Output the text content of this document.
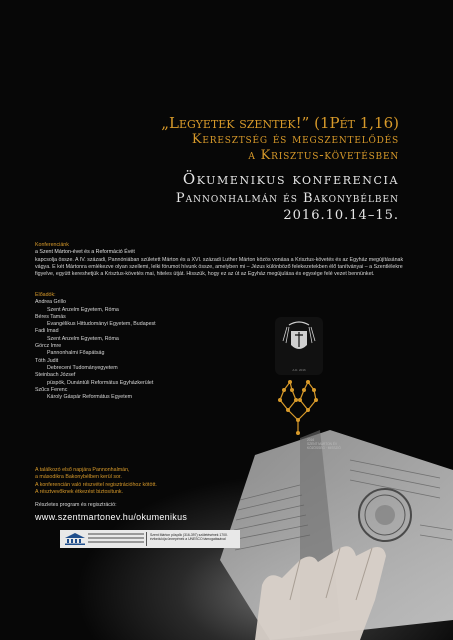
2016
SZENT MÁRTON ÉV
KÖZÖSSÉG · MISSZIÓ
A.D. 2016
„Legyetek szentek!” (1Pét 1,16)
Keresztség és megszentelődés
a Krisztus-követésben
Ökumenikus konferencia
Pannonhalmán és Bakonybélben
2016.10.14–15.
Konferenciánk
a Szent Márton-évet és a Reformáció Évét
kapcsolja össze. A IV. századi, Pannóniában született Márton és a XVI. századi Luther Márton közös vonása a Krisztus-követés és az Egyház megújításának vágya. E két Mártonra emlékezve olyan szellemi, lelki fórumot hívunk össze, amelyben mi – Jézus különböző felekezetekben élő tanítványai – a Szentlélekre figyelve, együtt kereshetjük a Krisztus-követés mai, hiteles útját. Hisszük, hogy ez az út az Egyház megújulása és egysége felé vezet bennünket.
Előadók:
Andrea Grillo
Szent Anzelm Egyetem, Róma
Béres Tamás
Evangélikus Hittudományi Egyetem, Budapest
Fadi Imad
Szent Anzelm Egyetem, Róma
Görcz Imre
Pannonhalmi Főapátság
Tóth Judit
Debreceni Tudományegyetem
Steinbach József
püspök, Dunántúli Református Egyházkerület
Szűcs Ferenc
Károly Gáspár Református Egyetem
A találkozó első napjára Pannonhalmán,
a másodikra Bakonybélben kerül sor.
A konferencián való részvétel regisztrációhoz kötött.
A résztvevőknek étkezést biztosítunk.
Részletes program és regisztráció:
www.szentmartonev.hu/okumenikus
Szent Márton püspök (316-397) születésének 1700. évfordulója ünnepének a UNESCO támogatásával
